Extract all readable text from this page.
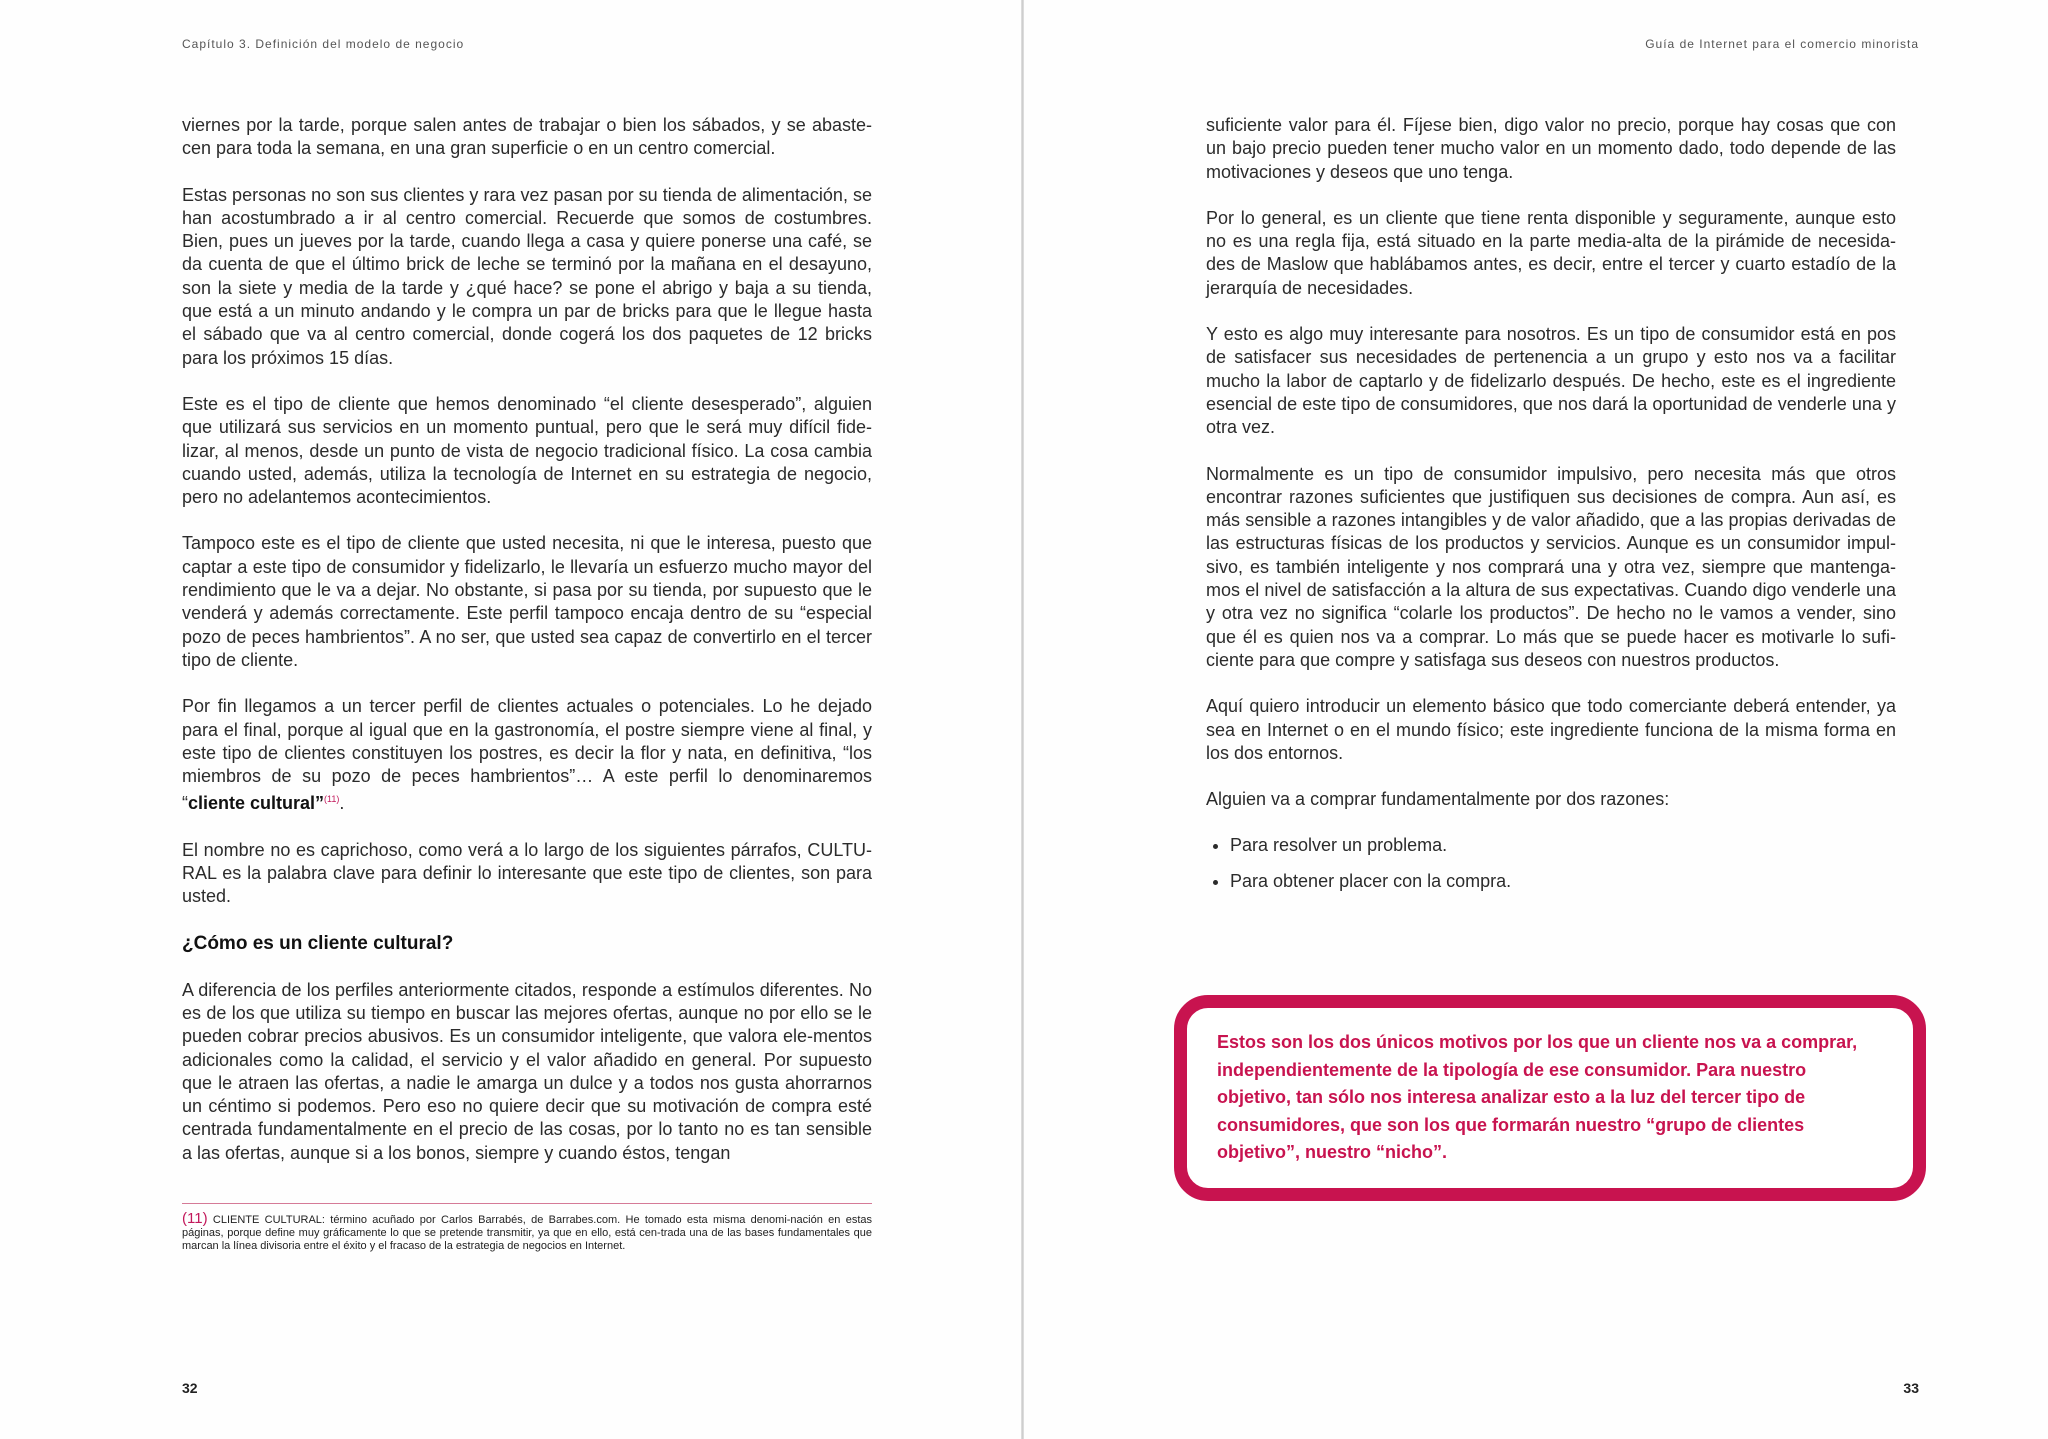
Capítulo 3. Definición del modelo de negocio

viernes por la tarde, porque salen antes de trabajar o bien los sábados, y se abaste-cen para toda la semana, en una gran superficie o en un centro comercial.

Estas personas no son sus clientes y rara vez pasan por su tienda de alimentación, se han acostumbrado a ir al centro comercial. Recuerde que somos de costumbres. Bien, pues un jueves por la tarde, cuando llega a casa y quiere ponerse una café, se da cuenta de que el último brick de leche se terminó por la mañana en el desayuno, son la siete y media de la tarde y ¿qué hace? se pone el abrigo y baja a su tienda, que está a un minuto andando y le compra un par de bricks para que le llegue hasta el sábado que va al centro comercial, donde cogerá los dos paquetes de 12 bricks para los próximos 15 días.

Este es el tipo de cliente que hemos denominado “el cliente desesperado”, alguien que utilizará sus servicios en un momento puntual, pero que le será muy difícil fide-lizar, al menos, desde un punto de vista de negocio tradicional físico. La cosa cambia cuando usted, además, utiliza la tecnología de Internet en su estrategia de negocio, pero no adelantemos acontecimientos.

Tampoco este es el tipo de cliente que usted necesita, ni que le interesa, puesto que captar a este tipo de consumidor y fidelizarlo, le llevaría un esfuerzo mucho mayor del rendimiento que le va a dejar. No obstante, si pasa por su tienda, por supuesto que le venderá y además correctamente. Este perfil tampoco encaja dentro de su “especial pozo de peces hambrientos”. A no ser, que usted sea capaz de convertirlo en el tercer tipo de cliente.

Por fin llegamos a un tercer perfil de clientes actuales o potenciales. Lo he dejado para el final, porque al igual que en la gastronomía, el postre siempre viene al final, y este tipo de clientes constituyen los postres, es decir la flor y nata, en definitiva, “los miembros de su pozo de peces hambrientos”… A este perfil lo denominaremos “cliente cultural”$^{(11)}$.

El nombre no es caprichoso, como verá a lo largo de los siguientes párrafos, CULTU-RAL es la palabra clave para definir lo interesante que este tipo de clientes, son para usted.

¿Cómo es un cliente cultural?

A diferencia de los perfiles anteriormente citados, responde a estímulos diferentes. No es de los que utiliza su tiempo en buscar las mejores ofertas, aunque no por ello se le pueden cobrar precios abusivos. Es un consumidor inteligente, que valora ele-mentos adicionales como la calidad, el servicio y el valor añadido en general. Por supuesto que le atraen las ofertas, a nadie le amarga un dulce y a todos nos gusta ahorrarnos un céntimo si podemos. Pero eso no quiere decir que su motivación de compra esté centrada fundamentalmente en el precio de las cosas, por lo tanto no es tan sensible a las ofertas, aunque si a los bonos, siempre y cuando éstos, tengan

(11) CLIENTE CULTURAL: término acuñado por Carlos Barrabés, de Barrabes.com. He tomado esta misma denomi-nación en estas páginas, porque define muy gráficamente lo que se pretende transmitir, ya que en ello, está cen-trada una de las bases fundamentales que marcan la línea divisoria entre el éxito y el fracaso de la estrategia de negocios en Internet.
32
Guía de Internet para el comercio minorista

suficiente valor para él. Fíjese bien, digo valor no precio, porque hay cosas que con un bajo precio pueden tener mucho valor en un momento dado, todo depende de las motivaciones y deseos que uno tenga.

Por lo general, es un cliente que tiene renta disponible y seguramente, aunque esto no es una regla fija, está situado en la parte media-alta de la pirámide de necesida-des de Maslow que hablábamos antes, es decir, entre el tercer y cuarto estadío de la jerarquía de necesidades.

Y esto es algo muy interesante para nosotros. Es un tipo de consumidor está en pos de satisfacer sus necesidades de pertenencia a un grupo y esto nos va a facilitar mucho la labor de captarlo y de fidelizarlo después. De hecho, este es el ingrediente esencial de este tipo de consumidores, que nos dará la oportunidad de venderle una y otra vez.

Normalmente es un tipo de consumidor impulsivo, pero necesita más que otros encontrar razones suficientes que justifiquen sus decisiones de compra. Aun así, es más sensible a razones intangibles y de valor añadido, que a las propias derivadas de las estructuras físicas de los productos y servicios. Aunque es un consumidor impul-sivo, es también inteligente y nos comprará una y otra vez, siempre que mantenga-mos el nivel de satisfacción a la altura de sus expectativas. Cuando digo venderle una y otra vez no significa “colarle los productos”. De hecho no le vamos a vender, sino que él es quien nos va a comprar. Lo más que se puede hacer es motivarle lo sufi-ciente para que compre y satisfaga sus deseos con nuestros productos.

Aquí quiero introducir un elemento básico que todo comerciante deberá entender, ya sea en Internet o en el mundo físico; este ingrediente funciona de la misma forma en los dos entornos.

Alguien va a comprar fundamentalmente por dos razones:

• Para resolver un problema.
• Para obtener placer con la compra.
33

Estos son los dos únicos motivos por los que un cliente nos va a comprar, independientemente de la tipología de ese consumidor. Para nuestro objetivo, tan sólo nos interesa analizar esto a la luz del tercer tipo de consumidores, que son los que formarán nuestro “grupo de clientes objetivo”, nuestro “nicho”.
